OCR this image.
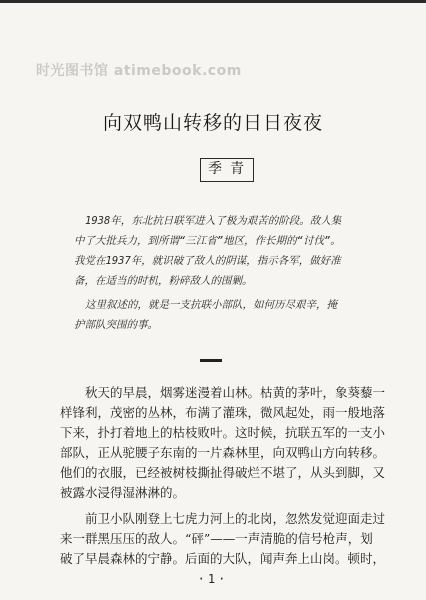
时光图书馆 atimebook.com
向双鸭山转移的日日夜夜
季青
1938年，东北抗日联军进入了极为艰苦的阶段。敌人集
中了大批兵力，到所谓“三江省”地区，作长期的“讨伐”。
我党在1937年，就识破了敌人的阴谋，指示各军，做好准
备，在适当的时机，粉碎敌人的围剿。
这里叙述的，就是一支抗联小部队，如何历尽艰辛，掩
护部队突围的事。
秋天的早晨，烟雾迷漫着山林。枯黄的茅叶，象葵藜一
样锋利，茂密的丛林，布满了灌珠，微风起处，雨一般地落
下来，扑打着地上的枯枝败叶。这时候，抗联五军的一支小
部队，正从驼腰子东南的一片森林里，向双鸭山方向转移。
他们的衣服，已经被树枝撕扯得破烂不堪了，从头到脚，又
被露水浸得湿淋淋的。
前卫小队刚登上七虎力河上的北岗，忽然发觉迎面走过
来一群黑压压的敌人。“砰”——一声清脆的信号枪声，划
破了早晨森林的宁静。后面的大队，闻声奔上山岗。顿时，
·1·
